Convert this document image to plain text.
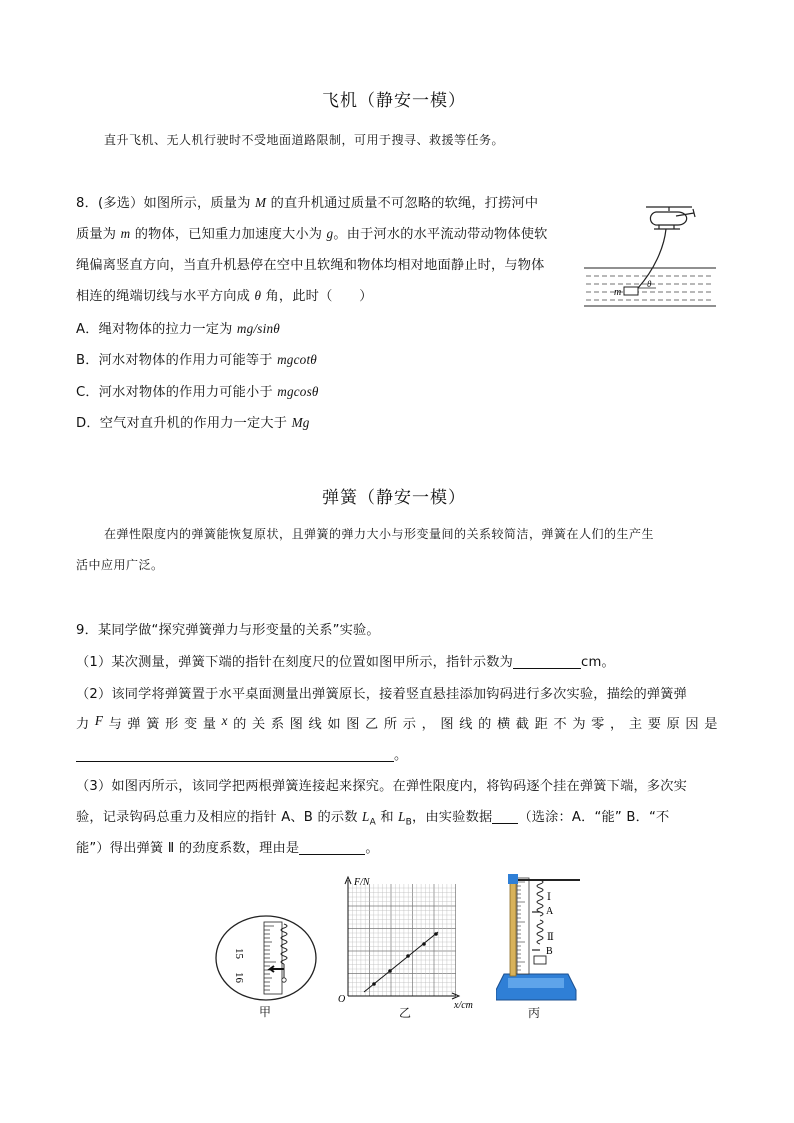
飞机（静安一模）
直升飞机、无人机行驶时不受地面道路限制，可用于搜寻、救援等任务。
8．(多选）如图所示，质量为 M 的直升机通过质量不可忽略的软绳，打捞河中
质量为 m 的物体，已知重力加速度大小为 g。由于河水的水平流动带动物体使软
绳偏离竖直方向，当直升机悬停在空中且软绳和物体均相对地面静止时，与物体
相连的绳端切线与水平方向成 θ 角，此时（　　）
A．绳对物体的拉力一定为 mg/sinθ
B．河水对物体的作用力可能等于 mgcotθ
C．河水对物体的作用力可能小于 mgcosθ
D．空气对直升机的作用力一定大于 Mg
m
θ
弹簧（静安一模）
在弹性限度内的弹簧能恢复原状，且弹簧的弹力大小与形变量间的关系较简洁，弹簧在人们的生产生
活中应用广泛。
9．某同学做“探究弹簧弹力与形变量的关系”实验。
（1）某次测量，弹簧下端的指针在刻度尺的位置如图甲所示，指针示数为	cm。
（2）该同学将弹簧置于水平桌面测量出弹簧原长，接着竖直悬挂添加钩码进行多次实验，描绘的弹簧弹
力 F 与 弹 簧 形 变 量 x 的 关 系 图 线 如 图 乙 所 示 ， 图 线 的 横 截 距 不 为 零 ， 主 要 原 因 是
。
（3）如图丙所示，该同学把两根弹簧连接起来探究。在弹性限度内，将钩码逐个挂在弹簧下端，多次实
验，记录钩码总重力及相应的指针 A、B 的示数 $L_A$ 和 $L_B$，由实验数据 （选涂：A．“能” B．“不
能”）得出弹簧 Ⅱ 的劲度系数，理由是	。
15
16
甲
F/N
x/cm
O
乙
Ⅰ
A
Ⅱ
B
丙
